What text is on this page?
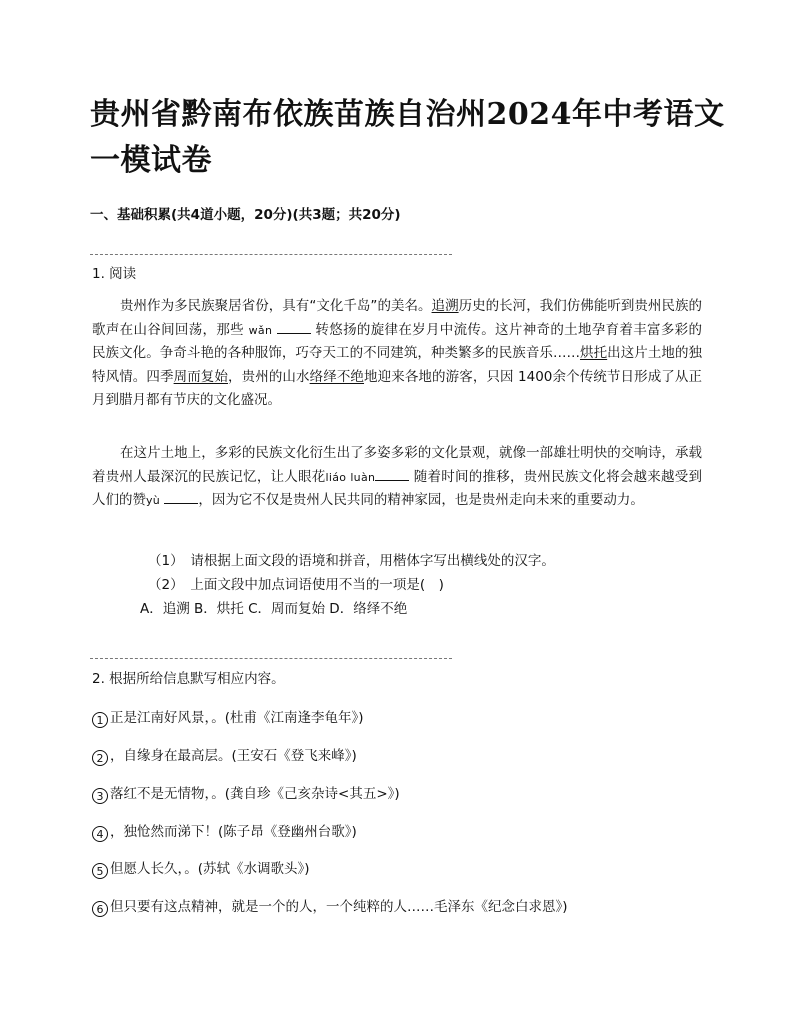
贵州省黔南布依族苗族自治州2024年中考语文一模试卷
一、基础积累(共4道小题，20分)(共3题；共20分)
1. 阅读
贵州作为多民族聚居省份，具有“文化千岛”的美名。追溯历史的长河，我们仿佛能听到贵州民族的歌声在山谷间回荡，那些 wǎn	转悠扬的旋律在岁月中流传。这片神奇的土地孕育着丰富多彩的民族文化。争奇斗艳的各种服饰，巧夺天工的不同建筑，种类繁多的民族音乐……烘托出这片土地的独特风情。四季周而复始，贵州的山水络绎不绝地迎来各地的游客，只因 1400余个传统节日形成了从正月到腊月都有节庆的文化盛况。
在这片土地上，多彩的民族文化衍生出了多姿多彩的文化景观，就像一部雄壮明快的交响诗，承载着贵州人最深沉的民族记忆，让人眼花liáo luàn	随着时间的推移，贵州民族文化将会越来越受到人们的赞yù	，因为它不仅是贵州人民共同的精神家园，也是贵州走向未来的重要动力。
（1）　请根据上面文段的语境和拼音，用楷体字写出横线处的汉字。
（2）　上面文段中加点词语使用不当的一项是(　)
A．追溯 B．烘托 C．周而复始 D．络绎不绝
2. 根据所给信息默写相应内容。
1 正是江南好风景，。(杜甫《江南逢李龟年》)
2 ，自缘身在最高层。(王安石《登飞来峰》)
3 落红不是无情物，。(龚自珍《己亥杂诗<其五>》)
4 ，独怆然而涕下！(陈子昂《登幽州台歌》)
5 但愿人长久，。(苏轼《水调歌头》)
6 但只要有这点精神，就是一个的人，一个纯粹的人……毛泽东《纪念白求恩》)
